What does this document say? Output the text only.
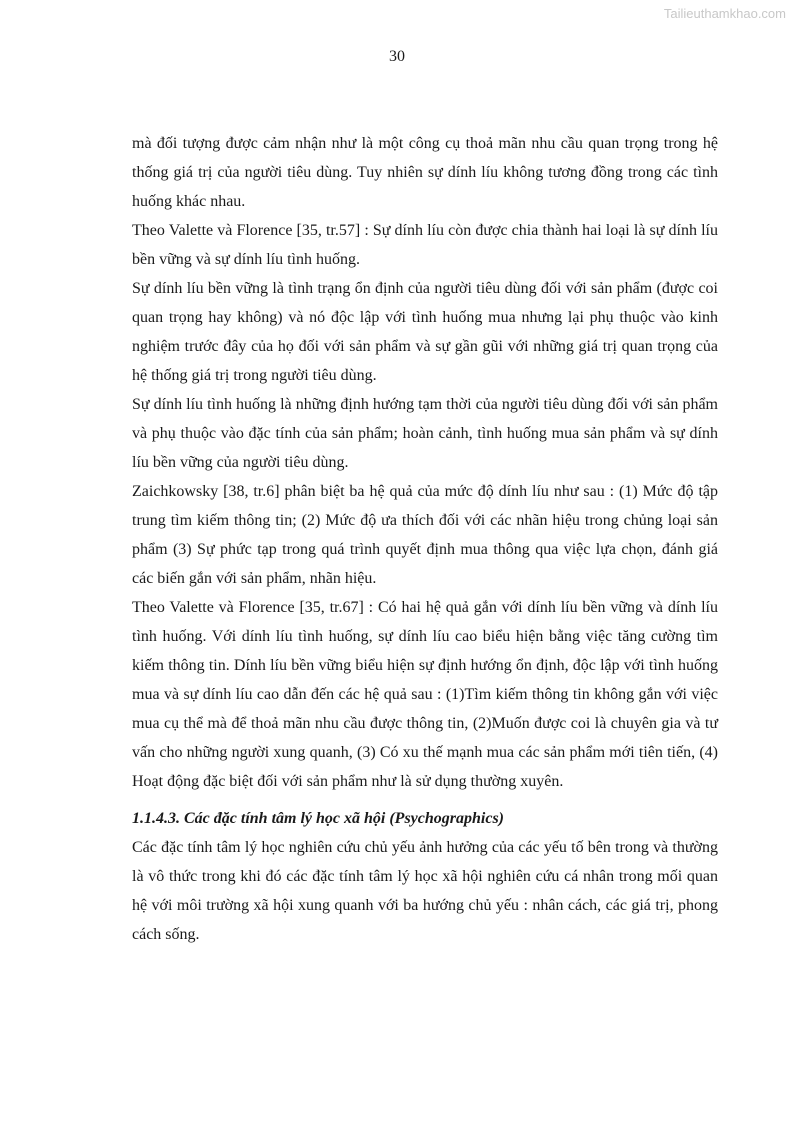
Tailieuthamkhao.com
30

mà đối tượng được cảm nhận như là một công cụ thoả mãn nhu cầu quan trọng trong hệ thống giá trị của người tiêu dùng. Tuy nhiên sự dính líu không tương đồng trong các tình huống khác nhau.

Theo Valette và Florence [35, tr.57] : Sự dính líu còn được chia thành hai loại là sự dính líu bền vững và sự dính líu tình huống.

Sự dính líu bền vững là tình trạng ổn định của người tiêu dùng đối với sản phẩm (được coi quan trọng hay không) và nó độc lập với tình huống mua nhưng lại phụ thuộc vào kinh nghiệm trước đây của họ đối với sản phẩm và sự gần gũi với những giá trị quan trọng của hệ thống giá trị trong người tiêu dùng.

Sự dính líu tình huống là những định hướng tạm thời của người tiêu dùng đối với sản phẩm và phụ thuộc vào đặc tính của sản phẩm; hoàn cảnh, tình huống mua sản phẩm và sự dính líu bền vững của người tiêu dùng.

Zaichkowsky [38, tr.6] phân biệt ba hệ quả của mức độ dính líu như sau : (1) Mức độ tập trung tìm kiếm thông tin; (2) Mức độ ưa thích đối với các nhãn hiệu trong chủng loại sản phẩm (3) Sự phức tạp trong quá trình quyết định mua thông qua việc lựa chọn, đánh giá các biến gắn với sản phẩm, nhãn hiệu.

Theo Valette và Florence [35, tr.67] : Có hai hệ quả gắn với dính líu bền vững và dính líu tình huống. Với dính líu tình huống, sự dính líu cao biểu hiện bằng việc tăng cường tìm kiếm thông tin. Dính líu bền vững biểu hiện sự định hướng ổn định, độc lập với tình huống mua và sự dính líu cao dẫn đến các hệ quả sau : (1)Tìm kiếm thông tin không gắn với việc mua cụ thể mà để thoả mãn nhu cầu được thông tin, (2)Muốn được coi là chuyên gia và tư vấn cho những người xung quanh, (3) Có xu thế mạnh mua các sản phẩm mới tiên tiến, (4) Hoạt động đặc biệt đối với sản phẩm như là sử dụng thường xuyên.

1.1.4.3. Các đặc tính tâm lý học xã hội (Psychographics)

Các đặc tính tâm lý học nghiên cứu chủ yếu ảnh hưởng của các yếu tố bên trong và thường là vô thức trong khi đó các đặc tính tâm lý học xã hội nghiên cứu cá nhân trong mối quan hệ với môi trường xã hội xung quanh với ba hướng chủ yếu : nhân cách, các giá trị, phong cách sống.
